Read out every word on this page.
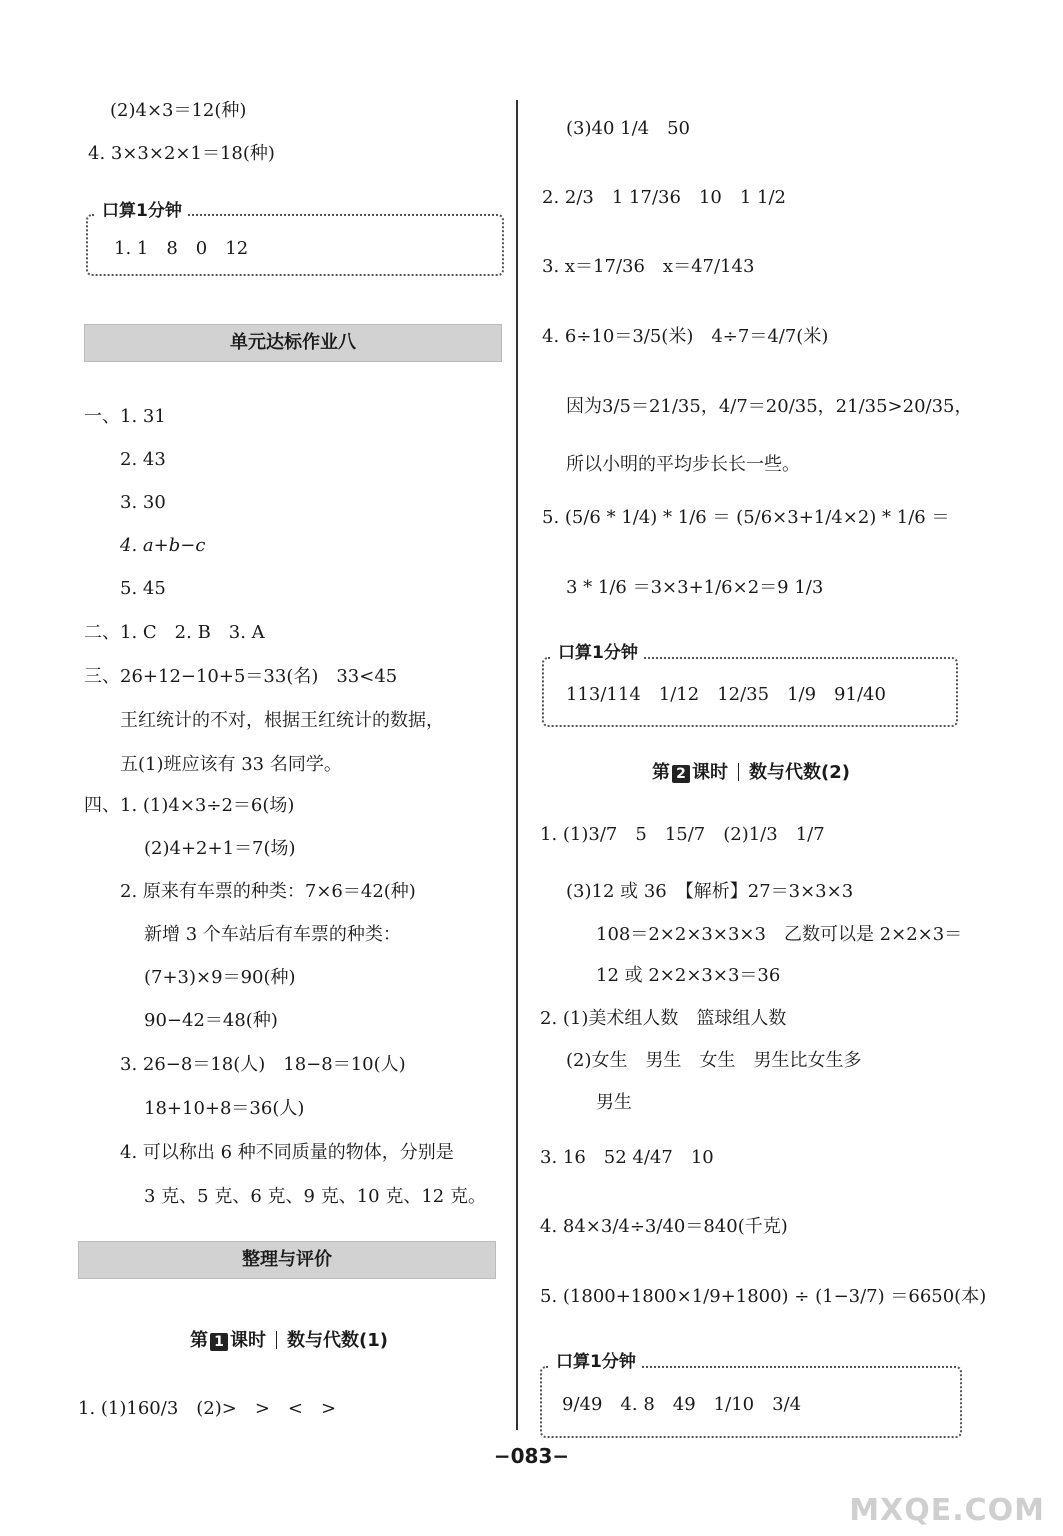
(2)4×3＝12(种)
4. 3×3×2×1＝18(种)
口算1分钟
1. 1　8　0　12
单元达标作业八
一、1. 31
2. 43
3. 30
4. a+b−c
5. 45
二、1. C　2. B　3. A
三、26+12−10+5＝33(名)　33<45
王红统计的不对，根据王红统计的数据，
五(1)班应该有 33 名同学。
四、1. (1)4×3÷2＝6(场)
(2)4+2+1＝7(场)
2. 原来有车票的种类：7×6＝42(种)
新增 3 个车站后有车票的种类：
(7+3)×9＝90(种)
90−42＝48(种)
3. 26−8＝18(人)　18−8＝10(人)
18+10+8＝36(人)
4. 可以称出 6 种不同质量的物体，分别是
3 克、5 克、6 克、9 克、10 克、12 克。
整理与评价
第 1 课时 数与代数(1)
1. (1)160/3　(2)>　>　<　>
(3)40 1/4　50
2. 2/3　1 17/36　10　1 1/2
3. x＝17/36　x＝47/143
4. 6÷10＝3/5(米)　4÷7＝4/7(米)
因为3/5＝21/35，4/7＝20/35，21/35>20/35，
所以小明的平均步长长一些。
5. (5/6 * 1/4) * 1/6 ＝ (5/6×3+1/4×2) * 1/6 ＝
3 * 1/6 ＝3×3+1/6×2＝9 1/3
口算1分钟
113/114　1/12　12/35　1/9　91/40
第 2 课时 数与代数(2)
1. (1)3/7　5　15/7　(2)1/3　1/7
(3)12 或 36　【解析】27＝3×3×3
108＝2×2×3×3×3　乙数可以是 2×2×3＝
12 或 2×2×3×3＝36
2. (1)美术组人数　篮球组人数
(2)女生　男生　女生　男生比女生多
男生
3. 16　52 4/47　10
4. 84×3/4÷3/40＝840(千克)
5. (1800+1800×1/9+1800) ÷ (1−3/7) ＝6650(本)
口算1分钟
9/49　4. 8　49　1/10　3/4
−083−
MXQE.COM
